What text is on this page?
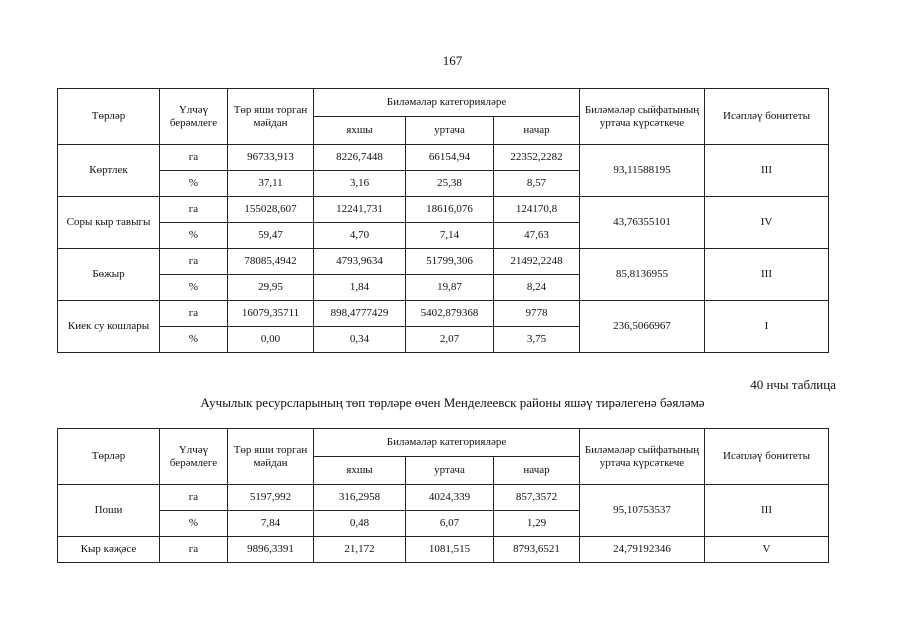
167
Төрләр	Үлчәү берәмлеге	Төр яши торган мәйдан	Биләмәләр категорияләре			Биләмәләр сыйфатының уртача күрсәткече	Исәпләү бонитеты
			яхшы	уртача	начар		
Көртлек	га	96733,913	8226,7448	66154,94	22352,2282	93,11588195	III
	%	37,11	3,16	25,38	8,57		
Соры кыр тавыгы	га	155028,607	12241,731	18616,076	124170,8	43,76355101	IV
	%	59,47	4,70	7,14	47,63		
Бөжыр	га	78085,4942	4793,9634	51799,306	21492,2248	85,8136955	III
	%	29,95	1,84	19,87	8,24		
Киек су кошлары	га	16079,35711	898,4777429	5402,879368	9778	236,5066967	I
	%	0,00	0,34	2,07	3,75		
40 нчы таблица
Аучылык ресурсларының төп төрләре өчен Менделеевск районы яшәү тирәлегенә бәяләмә
Төрләр	Үлчәү берәмлеге	Төр яши торган мәйдан	Биләмәләр категорияләре			Биләмәләр сыйфатының уртача күрсәткече	Исәпләү бонитеты
			яхшы	уртача	начар		
Поши	га	5197,992	316,2958	4024,339	857,3572	95,10753537	III
	%	7,84	0,48	6,07	1,29		
Кыр кәҗәсе	га	9896,3391	21,172	1081,515	8793,6521	24,79192346	V
